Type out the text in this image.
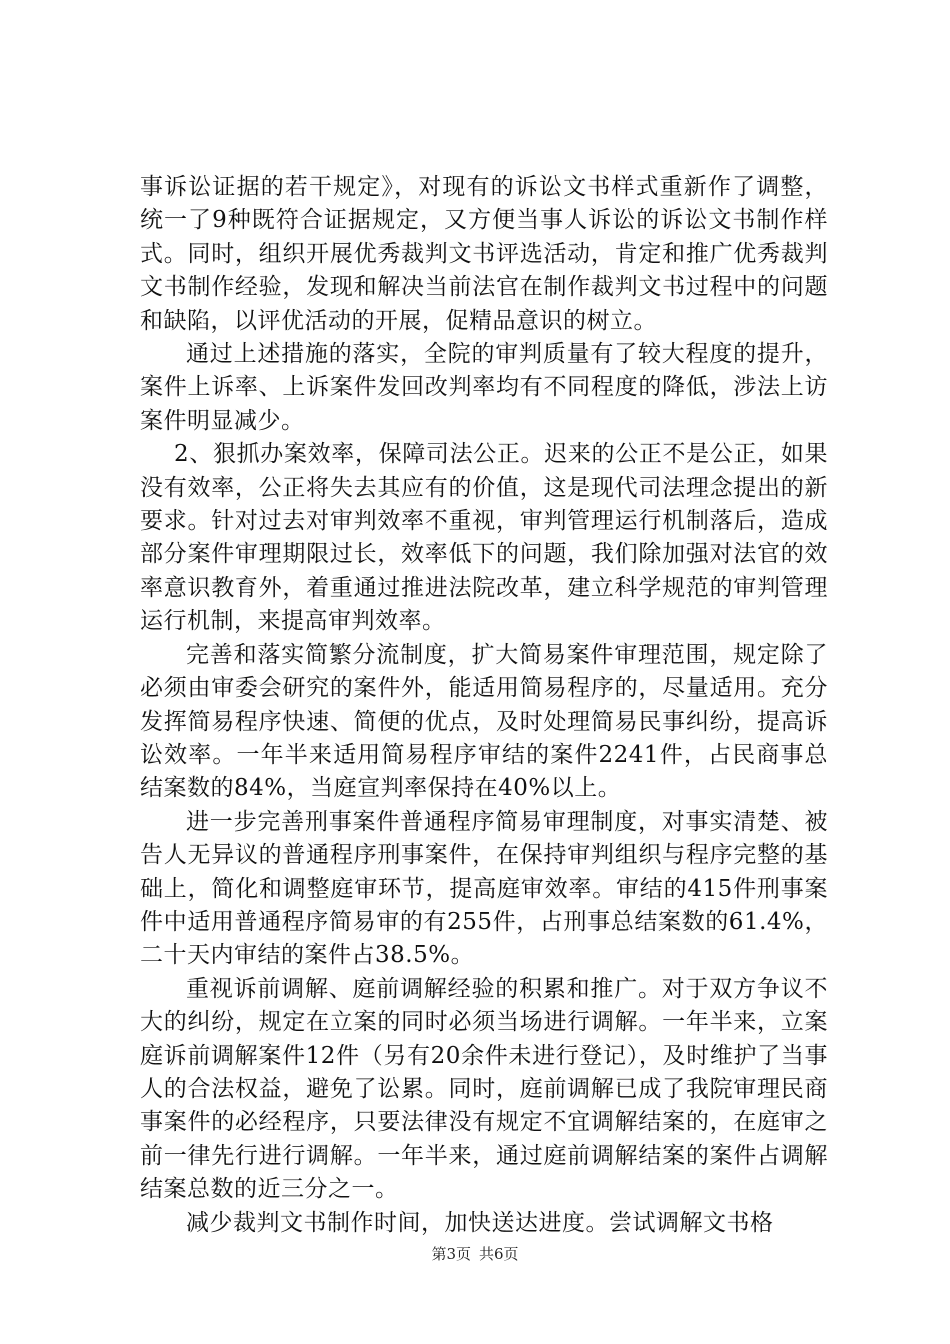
事诉讼证据的若干规定》，对现有的诉讼文书样式重新作了调整，统一了9种既符合证据规定，又方便当事人诉讼的诉讼文书制作样式。同时，组织开展优秀裁判文书评选活动，肯定和推广优秀裁判文书制作经验，发现和解决当前法官在制作裁判文书过程中的问题和缺陷，以评优活动的开展，促精品意识的树立。

通过上述措施的落实，全院的审判质量有了较大程度的提升，案件上诉率、上诉案件发回改判率均有不同程度的降低，涉法上访案件明显减少。

2、狠抓办案效率，保障司法公正。迟来的公正不是公正，如果没有效率，公正将失去其应有的价值，这是现代司法理念提出的新要求。针对过去对审判效率不重视，审判管理运行机制落后，造成部分案件审理期限过长，效率低下的问题，我们除加强对法官的效率意识教育外，着重通过推进法院改革，建立科学规范的审判管理运行机制，来提高审判效率。

完善和落实简繁分流制度，扩大简易案件审理范围，规定除了必须由审委会研究的案件外，能适用简易程序的，尽量适用。充分发挥简易程序快速、简便的优点，及时处理简易民事纠纷，提高诉讼效率。一年半来适用简易程序审结的案件2241件，占民商事总结案数的84%，当庭宣判率保持在40%以上。

进一步完善刑事案件普通程序简易审理制度，对事实清楚、被告人无异议的普通程序刑事案件，在保持审判组织与程序完整的基础上，简化和调整庭审环节，提高庭审效率。审结的415件刑事案件中适用普通程序简易审的有255件，占刑事总结案数的61.4%，二十天内审结的案件占38.5%。

重视诉前调解、庭前调解经验的积累和推广。对于双方争议不大的纠纷，规定在立案的同时必须当场进行调解。一年半来，立案庭诉前调解案件12件（另有20余件未进行登记），及时维护了当事人的合法权益，避免了讼累。同时，庭前调解已成了我院审理民商事案件的必经程序，只要法律没有规定不宜调解结案的，在庭审之前一律先行进行调解。一年半来，通过庭前调解结案的案件占调解结案总数的近三分之一。

减少裁判文书制作时间，加快送达进度。尝试调解文书格

第3页 共6页
